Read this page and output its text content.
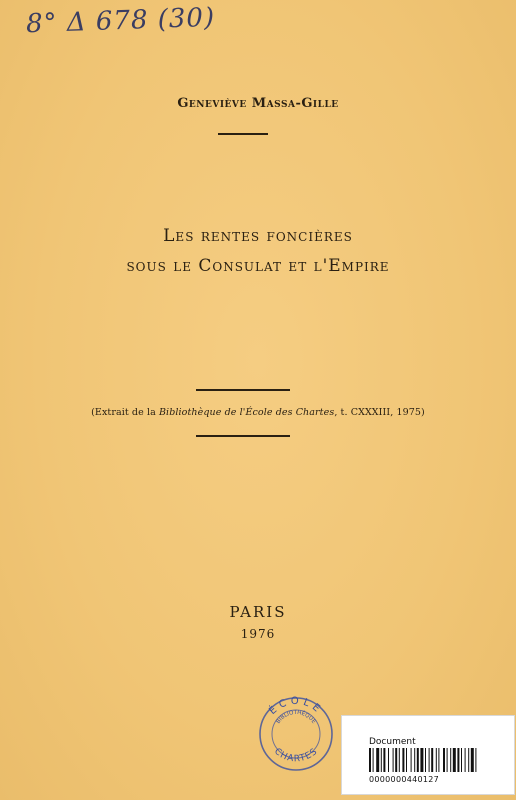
8° Δ 678 (30)
Geneviève Massa-Gille
Les rentes foncières
sous le Consulat et l'Empire
(Extrait de la Bibliothèque de l'École des Chartes, t. CXXXIII, 1975)
PARIS
1976
ÉCOLE
BIBLIOTHÈQUE
CHARTES
Document
0000000440127
